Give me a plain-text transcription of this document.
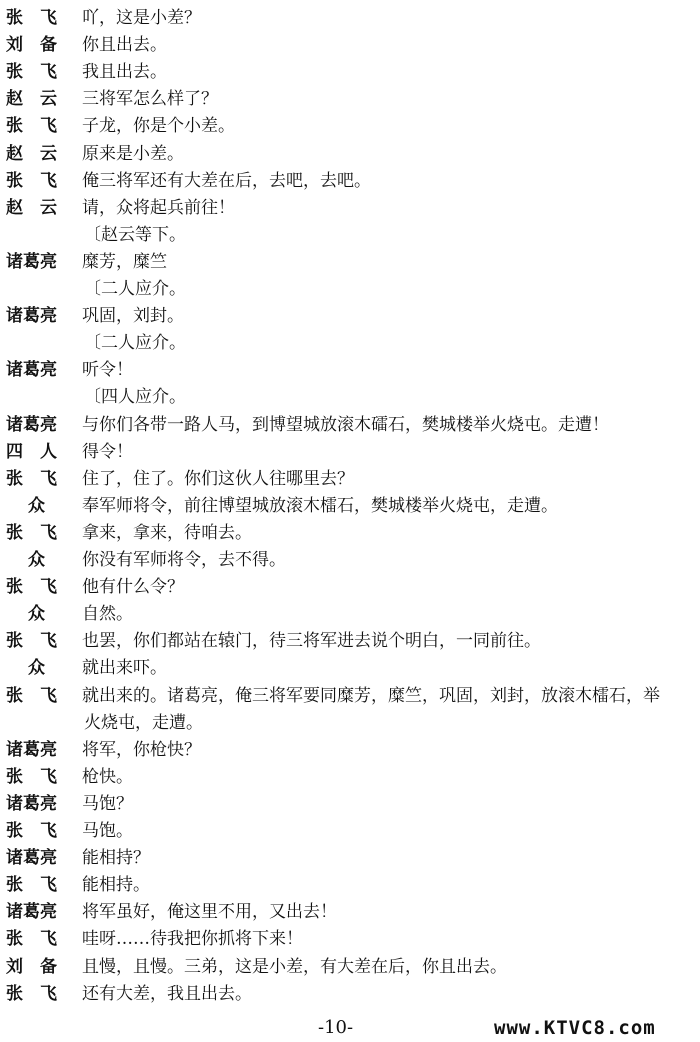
张　飞	吖，这是小差？
刘　备	你且出去。
张　飞	我且出去。
赵　云	三将军怎么样了？
张　飞	子龙，你是个小差。
赵　云	原来是小差。
张　飞	俺三将军还有大差在后，去吧，去吧。
赵　云	请，众将起兵前往！
〔赵云等下。
诸葛亮	糜芳，糜竺
〔二人应介。
诸葛亮	巩固，刘封。
〔二人应介。
诸葛亮	听令！
〔四人应介。
诸葛亮	与你们各带一路人马，到博望城放滚木礌石，樊城楼举火烧屯。走遭！
四　人	得令！
张　飞	住了，住了。你们这伙人往哪里去？
众	奉军师将令，前往博望城放滚木檑石，樊城楼举火烧屯，走遭。
张　飞	拿来，拿来，待咱去。
众	你没有军师将令，去不得。
张　飞	他有什么令？
众	自然。
张　飞	也罢，你们都站在辕门，待三将军进去说个明白，一同前往。
众	就出来吓。
张　飞	就出来的。诸葛亮，俺三将军要同糜芳，糜竺，巩固，刘封，放滚木檑石，举
火烧屯，走遭。
诸葛亮	将军，你枪快？
张　飞	枪快。
诸葛亮	马饱？
张　飞	马饱。
诸葛亮	能相持？
张　飞	能相持。
诸葛亮	将军虽好，俺这里不用，又出去！
张　飞	哇呀……待我把你抓将下来！
刘　备	且慢，且慢。三弟，这是小差，有大差在后，你且出去。
张　飞	还有大差，我且出去。
-10-	www.KTVC8.com
